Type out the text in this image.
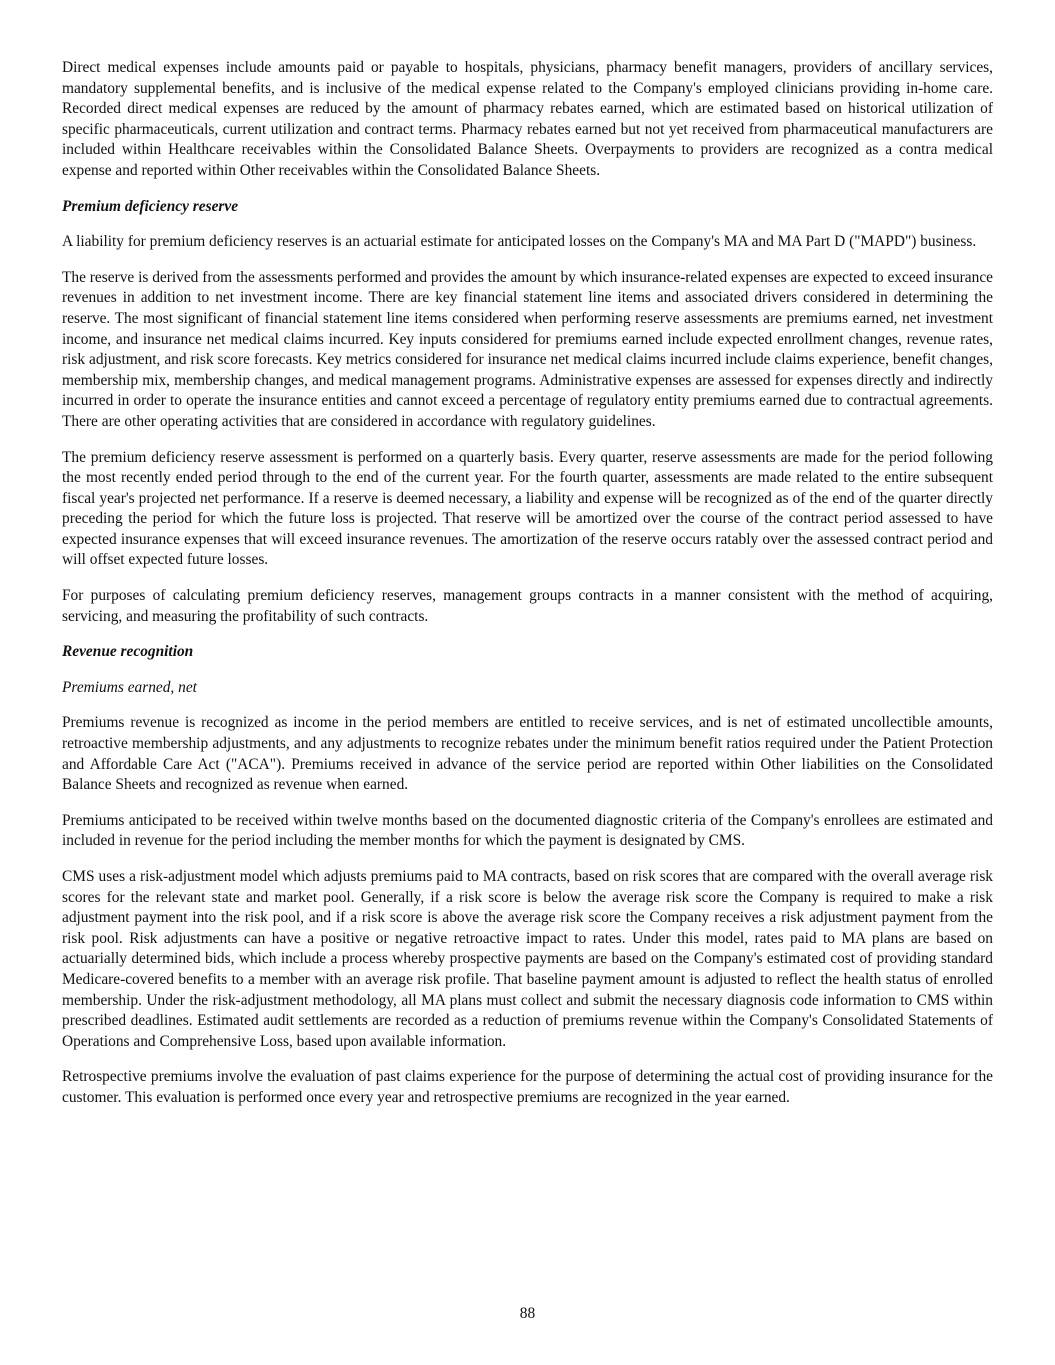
Direct medical expenses include amounts paid or payable to hospitals, physicians, pharmacy benefit managers, providers of ancillary services, mandatory supplemental benefits, and is inclusive of the medical expense related to the Company's employed clinicians providing in-home care. Recorded direct medical expenses are reduced by the amount of pharmacy rebates earned, which are estimated based on historical utilization of specific pharmaceuticals, current utilization and contract terms. Pharmacy rebates earned but not yet received from pharmaceutical manufacturers are included within Healthcare receivables within the Consolidated Balance Sheets. Overpayments to providers are recognized as a contra medical expense and reported within Other receivables within the Consolidated Balance Sheets.

Premium deficiency reserve

A liability for premium deficiency reserves is an actuarial estimate for anticipated losses on the Company's MA and MA Part D ("MAPD") business.

The reserve is derived from the assessments performed and provides the amount by which insurance-related expenses are expected to exceed insurance revenues in addition to net investment income. There are key financial statement line items and associated drivers considered in determining the reserve. The most significant of financial statement line items considered when performing reserve assessments are premiums earned, net investment income, and insurance net medical claims incurred. Key inputs considered for premiums earned include expected enrollment changes, revenue rates, risk adjustment, and risk score forecasts. Key metrics considered for insurance net medical claims incurred include claims experience, benefit changes, membership mix, membership changes, and medical management programs. Administrative expenses are assessed for expenses directly and indirectly incurred in order to operate the insurance entities and cannot exceed a percentage of regulatory entity premiums earned due to contractual agreements. There are other operating activities that are considered in accordance with regulatory guidelines.

The premium deficiency reserve assessment is performed on a quarterly basis. Every quarter, reserve assessments are made for the period following the most recently ended period through to the end of the current year. For the fourth quarter, assessments are made related to the entire subsequent fiscal year's projected net performance. If a reserve is deemed necessary, a liability and expense will be recognized as of the end of the quarter directly preceding the period for which the future loss is projected. That reserve will be amortized over the course of the contract period assessed to have expected insurance expenses that will exceed insurance revenues. The amortization of the reserve occurs ratably over the assessed contract period and will offset expected future losses.

For purposes of calculating premium deficiency reserves, management groups contracts in a manner consistent with the method of acquiring, servicing, and measuring the profitability of such contracts.

Revenue recognition

Premiums earned, net

Premiums revenue is recognized as income in the period members are entitled to receive services, and is net of estimated uncollectible amounts, retroactive membership adjustments, and any adjustments to recognize rebates under the minimum benefit ratios required under the Patient Protection and Affordable Care Act ("ACA"). Premiums received in advance of the service period are reported within Other liabilities on the Consolidated Balance Sheets and recognized as revenue when earned.

Premiums anticipated to be received within twelve months based on the documented diagnostic criteria of the Company's enrollees are estimated and included in revenue for the period including the member months for which the payment is designated by CMS.

CMS uses a risk-adjustment model which adjusts premiums paid to MA contracts, based on risk scores that are compared with the overall average risk scores for the relevant state and market pool. Generally, if a risk score is below the average risk score the Company is required to make a risk adjustment payment into the risk pool, and if a risk score is above the average risk score the Company receives a risk adjustment payment from the risk pool. Risk adjustments can have a positive or negative retroactive impact to rates. Under this model, rates paid to MA plans are based on actuarially determined bids, which include a process whereby prospective payments are based on the Company's estimated cost of providing standard Medicare-covered benefits to a member with an average risk profile. That baseline payment amount is adjusted to reflect the health status of enrolled membership. Under the risk-adjustment methodology, all MA plans must collect and submit the necessary diagnosis code information to CMS within prescribed deadlines. Estimated audit settlements are recorded as a reduction of premiums revenue within the Company's Consolidated Statements of Operations and Comprehensive Loss, based upon available information.

Retrospective premiums involve the evaluation of past claims experience for the purpose of determining the actual cost of providing insurance for the customer. This evaluation is performed once every year and retrospective premiums are recognized in the year earned.

88
